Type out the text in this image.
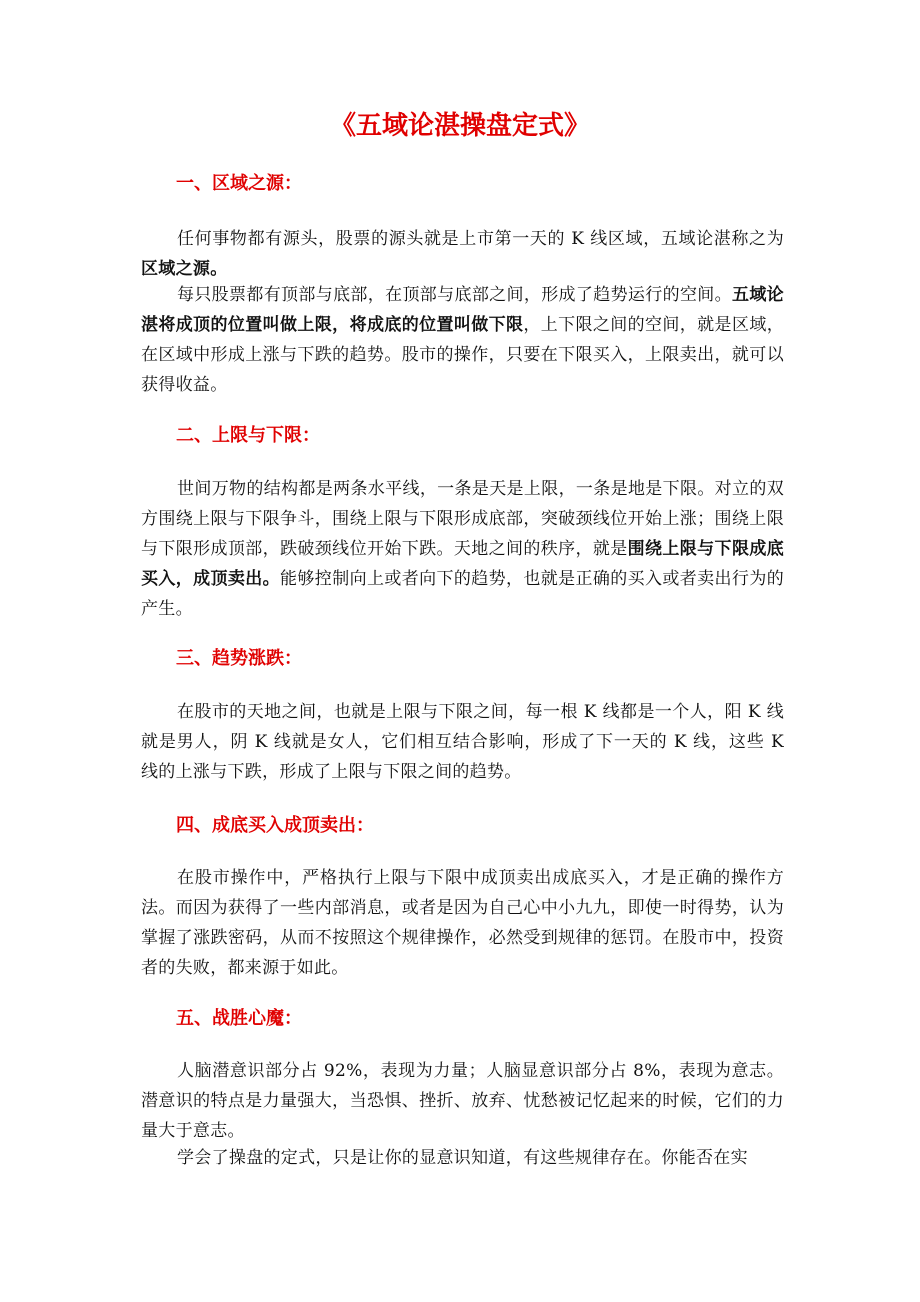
《五域论湛操盘定式》
一、区域之源：
任何事物都有源头，股票的源头就是上市第一天的 K 线区域，五域论湛称之为区域之源。
每只股票都有顶部与底部，在顶部与底部之间，形成了趋势运行的空间。五域论湛将成顶的位置叫做上限，将成底的位置叫做下限，上下限之间的空间，就是区域，在区域中形成上涨与下跌的趋势。股市的操作，只要在下限买入，上限卖出，就可以获得收益。
二、上限与下限：
世间万物的结构都是两条水平线，一条是天是上限，一条是地是下限。对立的双方围绕上限与下限争斗，围绕上限与下限形成底部，突破颈线位开始上涨；围绕上限与下限形成顶部，跌破颈线位开始下跌。天地之间的秩序，就是围绕上限与下限成底买入，成顶卖出。能够控制向上或者向下的趋势，也就是正确的买入或者卖出行为的产生。
三、趋势涨跌：
在股市的天地之间，也就是上限与下限之间，每一根 K 线都是一个人，阳 K 线就是男人，阴 K 线就是女人，它们相互结合影响，形成了下一天的 K 线，这些 K 线的上涨与下跌，形成了上限与下限之间的趋势。
四、成底买入成顶卖出：
在股市操作中，严格执行上限与下限中成顶卖出成底买入，才是正确的操作方法。而因为获得了一些内部消息，或者是因为自己心中小九九，即使一时得势，认为掌握了涨跌密码，从而不按照这个规律操作，必然受到规律的惩罚。在股市中，投资者的失败，都来源于如此。
五、战胜心魔：
人脑潜意识部分占 92%，表现为力量；人脑显意识部分占 8%，表现为意志。潜意识的特点是力量强大，当恐惧、挫折、放弃、忧愁被记忆起来的时候，它们的力量大于意志。
学会了操盘的定式，只是让你的显意识知道，有这些规律存在。你能否在实
